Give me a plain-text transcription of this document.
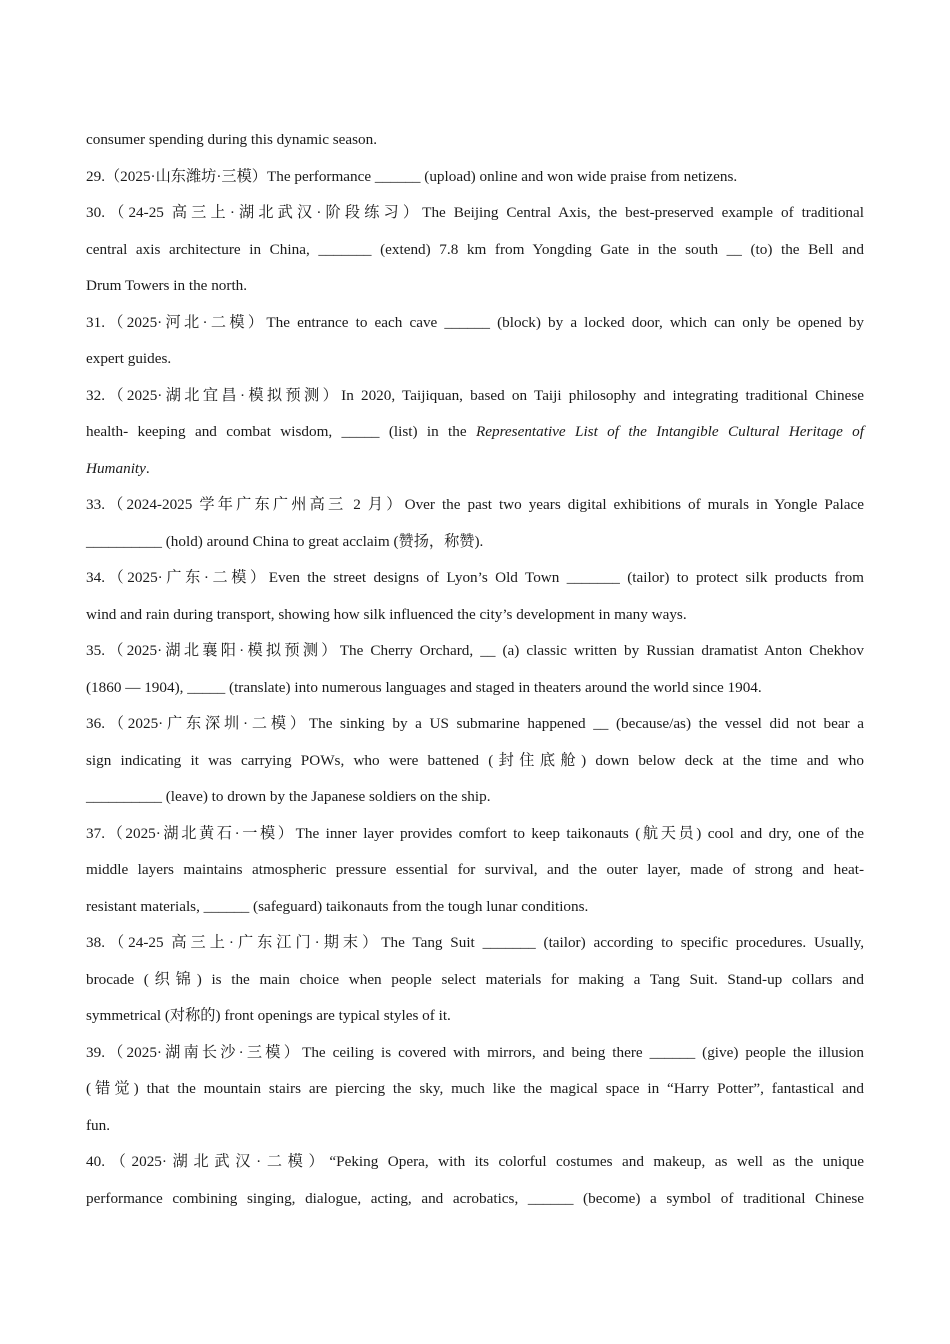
consumer spending during this dynamic season.
29.（2025·山东潍坊·三模）The performance ______ (upload) online and won wide praise from netizens.
30.（24-25 高三上·湖北武汉·阶段练习）The Beijing Central Axis, the best-preserved example of traditional
central axis architecture in China, _______ (extend) 7.8 km from Yongding Gate in the south __ (to) the Bell and
Drum Towers in the north.
31.（2025·河北·二模）The entrance to each cave ______ (block) by a locked door, which can only be opened by
expert guides.
32.（2025·湖北宜昌·模拟预测）In 2020, Taijiquan, based on Taiji philosophy and integrating traditional Chinese
health- keeping and combat wisdom, _____ (list) in the Representative List of the Intangible Cultural Heritage of
Humanity.
33.（2024-2025 学年广东广州高三 2 月）Over the past two years digital exhibitions of murals in Yongle Palace
__________ (hold) around China to great acclaim (赞扬，称赞).
34.（2025·广东·二模）Even the street designs of Lyon’s Old Town _______ (tailor) to protect silk products from
wind and rain during transport, showing how silk influenced the city’s development in many ways.
35.（2025·湖北襄阳·模拟预测）The Cherry Orchard, __ (a) classic written by Russian dramatist Anton Chekhov
(1860 — 1904), _____ (translate) into numerous languages and staged in theaters around the world since 1904.
36.（2025·广东深圳·二模）The sinking by a US submarine happened __ (because/as) the vessel did not bear a
sign indicating it was carrying POWs, who were battened (封住底舱) down below deck at the time and who
__________ (leave) to drown by the Japanese soldiers on the ship.
37.（2025·湖北黄石·一模）The inner layer provides comfort to keep taikonauts (航天员) cool and dry, one of the
middle layers maintains atmospheric pressure essential for survival, and the outer layer, made of strong and heat-
resistant materials, ______ (safeguard) taikonauts from the tough lunar conditions.
38.（24-25 高三上·广东江门·期末）The Tang Suit _______ (tailor) according to specific procedures. Usually,
brocade (织锦) is the main choice when people select materials for making a Tang Suit. Stand-up collars and
symmetrical (对称的) front openings are typical styles of it.
39.（2025·湖南长沙·三模）The ceiling is covered with mirrors, and being there ______ (give) people the illusion
(错觉) that the mountain stairs are piercing the sky, much like the magical space in “Harry Potter”, fantastical and
fun.
40.（2025·湖北武汉·二模）“Peking Opera, with its colorful costumes and makeup, as well as the unique
performance combining singing, dialogue, acting, and acrobatics, ______ (become) a symbol of traditional Chinese
